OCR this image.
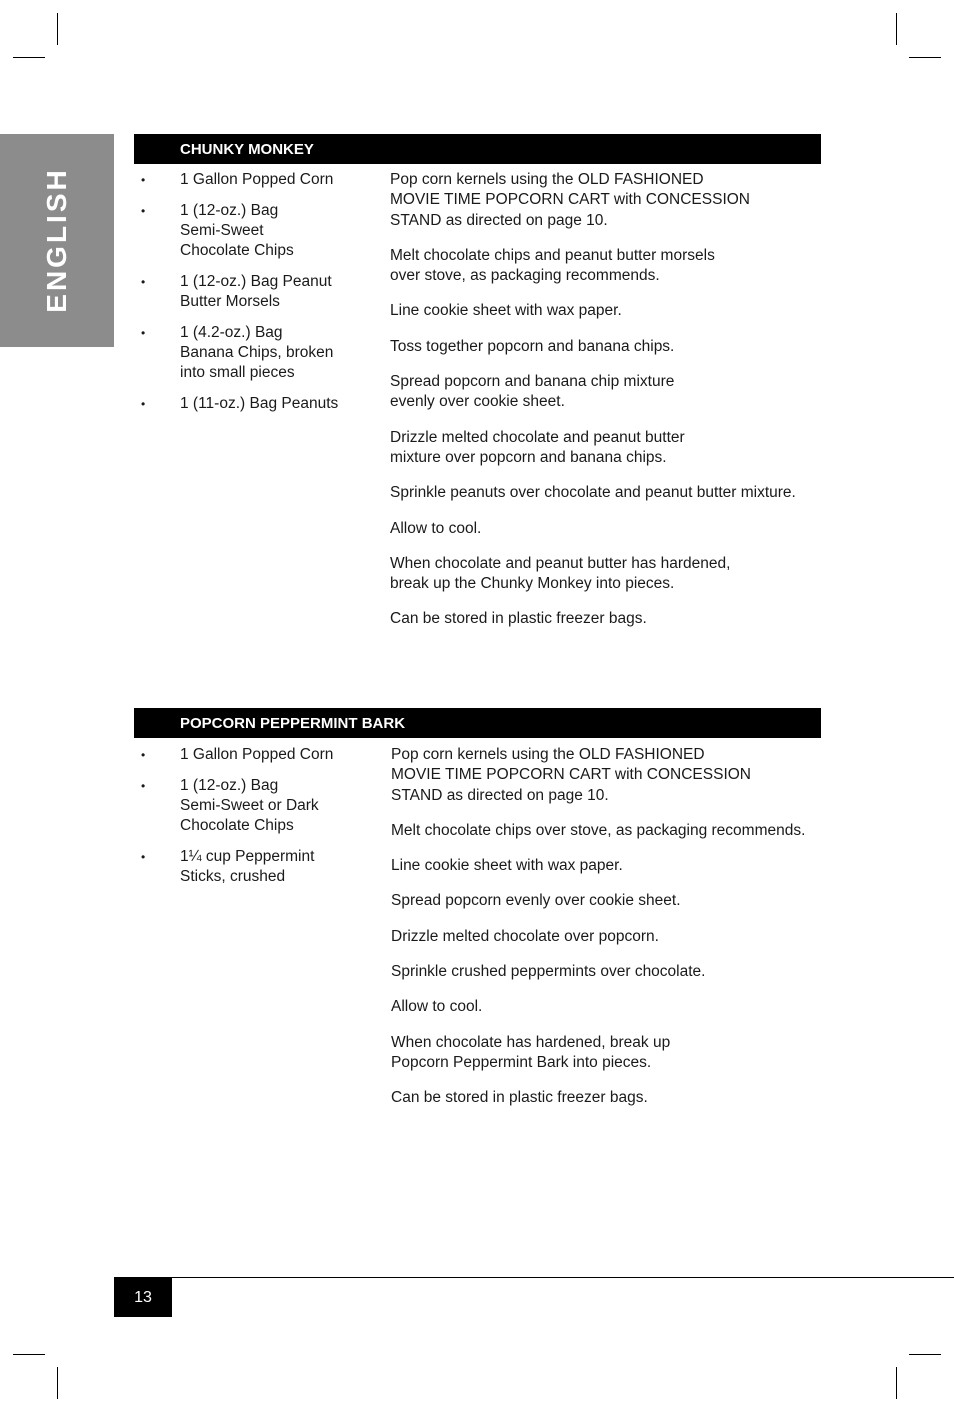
ENGLISH
CHUNKY MONKEY
• 1 Gallon Popped Corn
• 1 (12-oz.) Bag
Semi-Sweet
Chocolate Chips
• 1 (12-oz.) Bag Peanut
Butter Morsels
• 1 (4.2-oz.) Bag
Banana Chips, broken
into small pieces
• 1 (11-oz.) Bag Peanuts

Pop corn kernels using the OLD FASHIONED
MOVIE TIME POPCORN CART with CONCESSION
STAND as directed on page 10.

Melt chocolate chips and peanut butter morsels
over stove, as packaging recommends.

Line cookie sheet with wax paper.

Toss together popcorn and banana chips.

Spread popcorn and banana chip mixture
evenly over cookie sheet.

Drizzle melted chocolate and peanut butter
mixture over popcorn and banana chips.

Sprinkle peanuts over chocolate and peanut butter mixture.

Allow to cool.

When chocolate and peanut butter has hardened,
break up the Chunky Monkey into pieces.

Can be stored in plastic freezer bags.

POPCORN PEPPERMINT BARK
• 1 Gallon Popped Corn
• 1 (12-oz.) Bag
Semi-Sweet or Dark
Chocolate Chips
• 1¼ cup Peppermint
Sticks, crushed

Pop corn kernels using the OLD FASHIONED
MOVIE TIME POPCORN CART with CONCESSION
STAND as directed on page 10.

Melt chocolate chips over stove, as packaging recommends.

Line cookie sheet with wax paper.

Spread popcorn evenly over cookie sheet.

Drizzle melted chocolate over popcorn.

Sprinkle crushed peppermints over chocolate.

Allow to cool.

When chocolate has hardened, break up
Popcorn Peppermint Bark into pieces.

Can be stored in plastic freezer bags.

13
